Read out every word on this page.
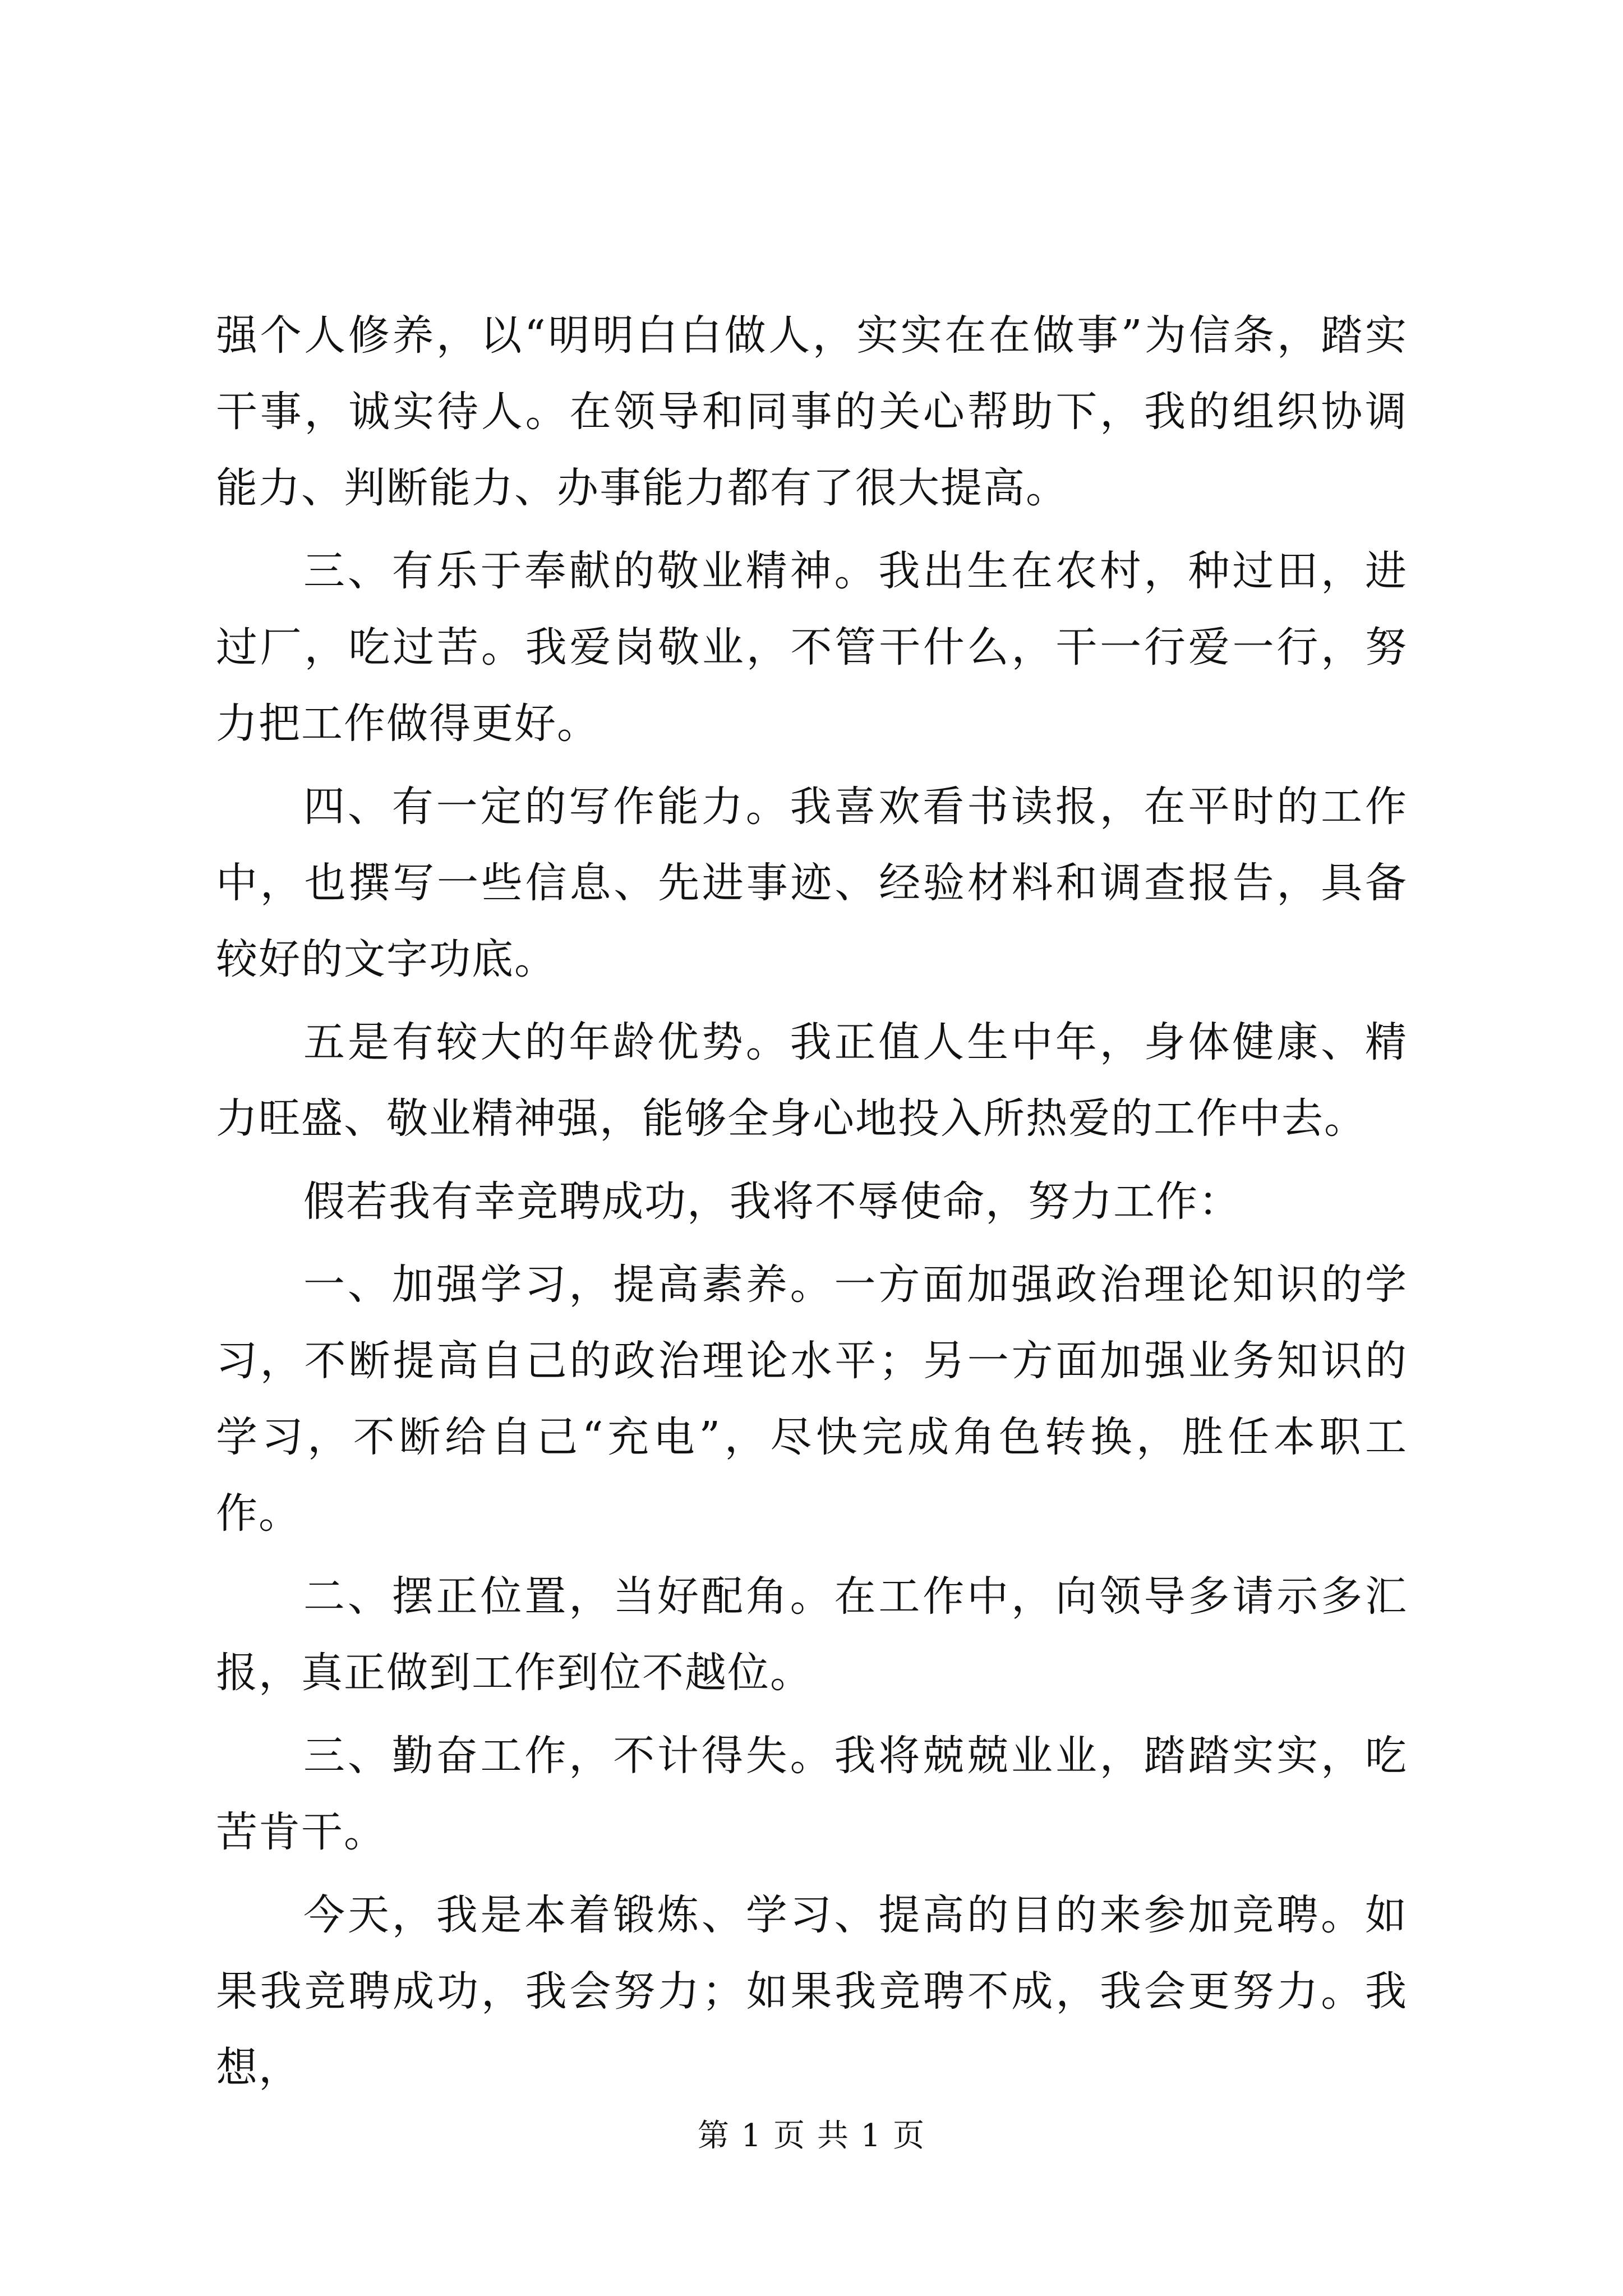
强个人修养，以“明明白白做人，实实在在做事”为信条，踏实干事，诚实待人。在领导和同事的关心帮助下，我的组织协调能力、判断能力、办事能力都有了很大提高。

三、有乐于奉献的敬业精神。我出生在农村，种过田，进过厂，吃过苦。我爱岗敬业，不管干什么，干一行爱一行，努力把工作做得更好。

四、有一定的写作能力。我喜欢看书读报，在平时的工作中，也撰写一些信息、先进事迹、经验材料和调查报告，具备较好的文字功底。

五是有较大的年龄优势。我正值人生中年，身体健康、精力旺盛、敬业精神强，能够全身心地投入所热爱的工作中去。

假若我有幸竞聘成功，我将不辱使命，努力工作：

一、加强学习，提高素养。一方面加强政治理论知识的学习，不断提高自己的政治理论水平；另一方面加强业务知识的学习，不断给自己“充电”，尽快完成角色转换，胜任本职工作。

二、摆正位置，当好配角。在工作中，向领导多请示多汇报，真正做到工作到位不越位。

三、勤奋工作，不计得失。我将兢兢业业，踏踏实实，吃苦肯干。

今天，我是本着锻炼、学习、提高的目的来参加竞聘。如果我竞聘成功，我会努力；如果我竞聘不成，我会更努力。我想，

第 1 页 共 1 页
